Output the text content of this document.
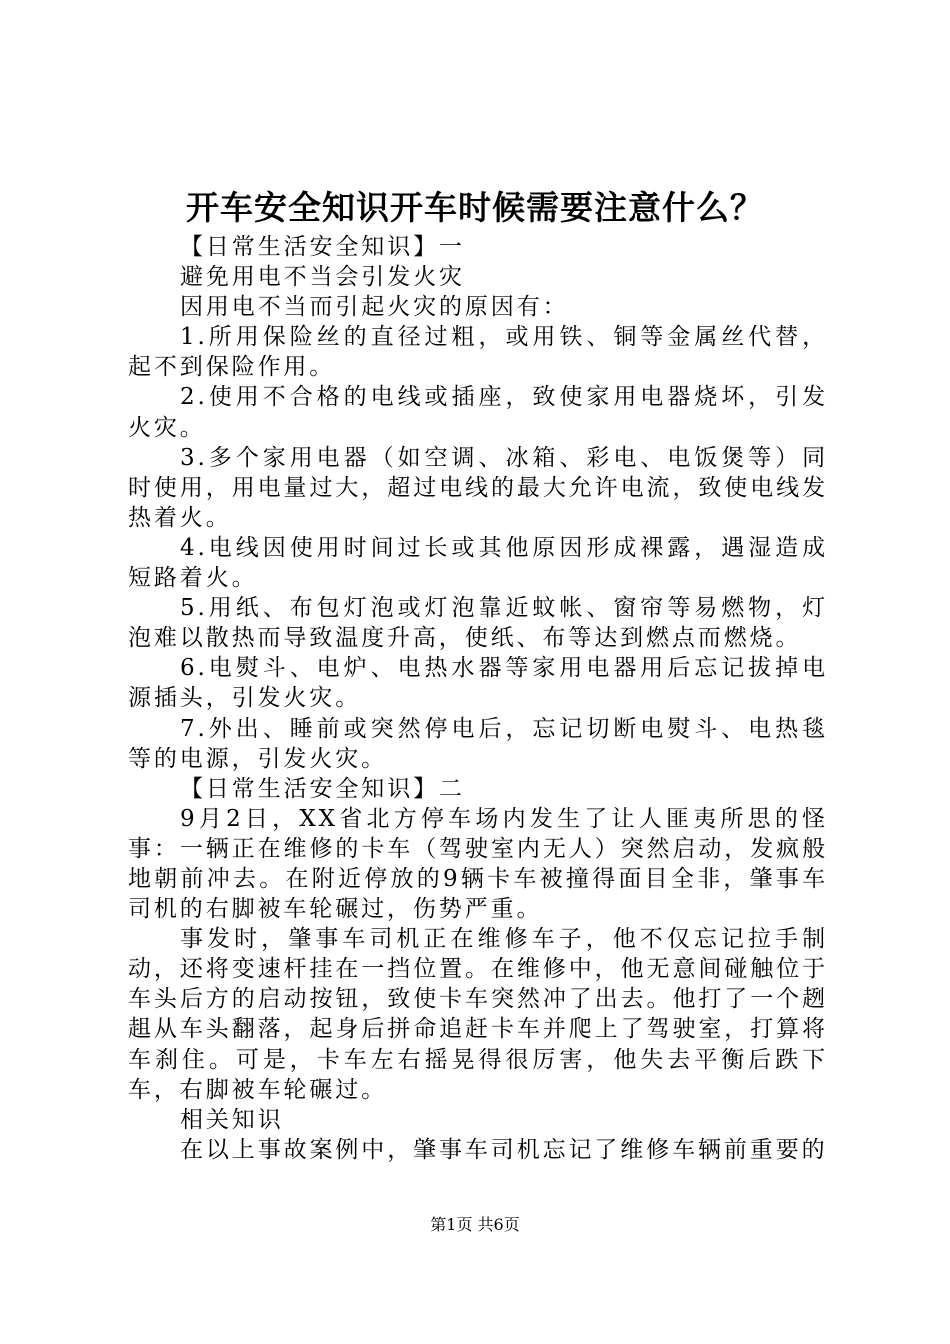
开车安全知识开车时候需要注意什么？

【日常生活安全知识】一

避免用电不当会引发火灾

因用电不当而引起火灾的原因有：

1.所用保险丝的直径过粗，或用铁、铜等金属丝代替，起不到保险作用。

2.使用不合格的电线或插座，致使家用电器烧坏，引发火灾。

3.多个家用电器（如空调、冰箱、彩电、电饭煲等）同时使用，用电量过大，超过电线的最大允许电流，致使电线发热着火。

4.电线因使用时间过长或其他原因形成裸露，遇湿造成短路着火。

5.用纸、布包灯泡或灯泡靠近蚊帐、窗帘等易燃物，灯泡难以散热而导致温度升高，使纸、布等达到燃点而燃烧。

6.电熨斗、电炉、电热水器等家用电器用后忘记拔掉电源插头，引发火灾。

7.外出、睡前或突然停电后，忘记切断电熨斗、电热毯等的电源，引发火灾。

【日常生活安全知识】二

9月2日，XX省北方停车场内发生了让人匪夷所思的怪事：一辆正在维修的卡车（驾驶室内无人）突然启动，发疯般地朝前冲去。在附近停放的9辆卡车被撞得面目全非，肇事车司机的右脚被车轮碾过，伤势严重。

事发时，肇事车司机正在维修车子，他不仅忘记拉手制动，还将变速杆挂在一挡位置。在维修中，他无意间碰触位于车头后方的启动按钮，致使卡车突然冲了出去。他打了一个趔趄从车头翻落，起身后拼命追赶卡车并爬上了驾驶室，打算将车刹住。可是，卡车左右摇晃得很厉害，他失去平衡后跌下车，右脚被车轮碾过。

相关知识

在以上事故案例中，肇事车司机忘记了维修车辆前重要的

第1页 共6页
